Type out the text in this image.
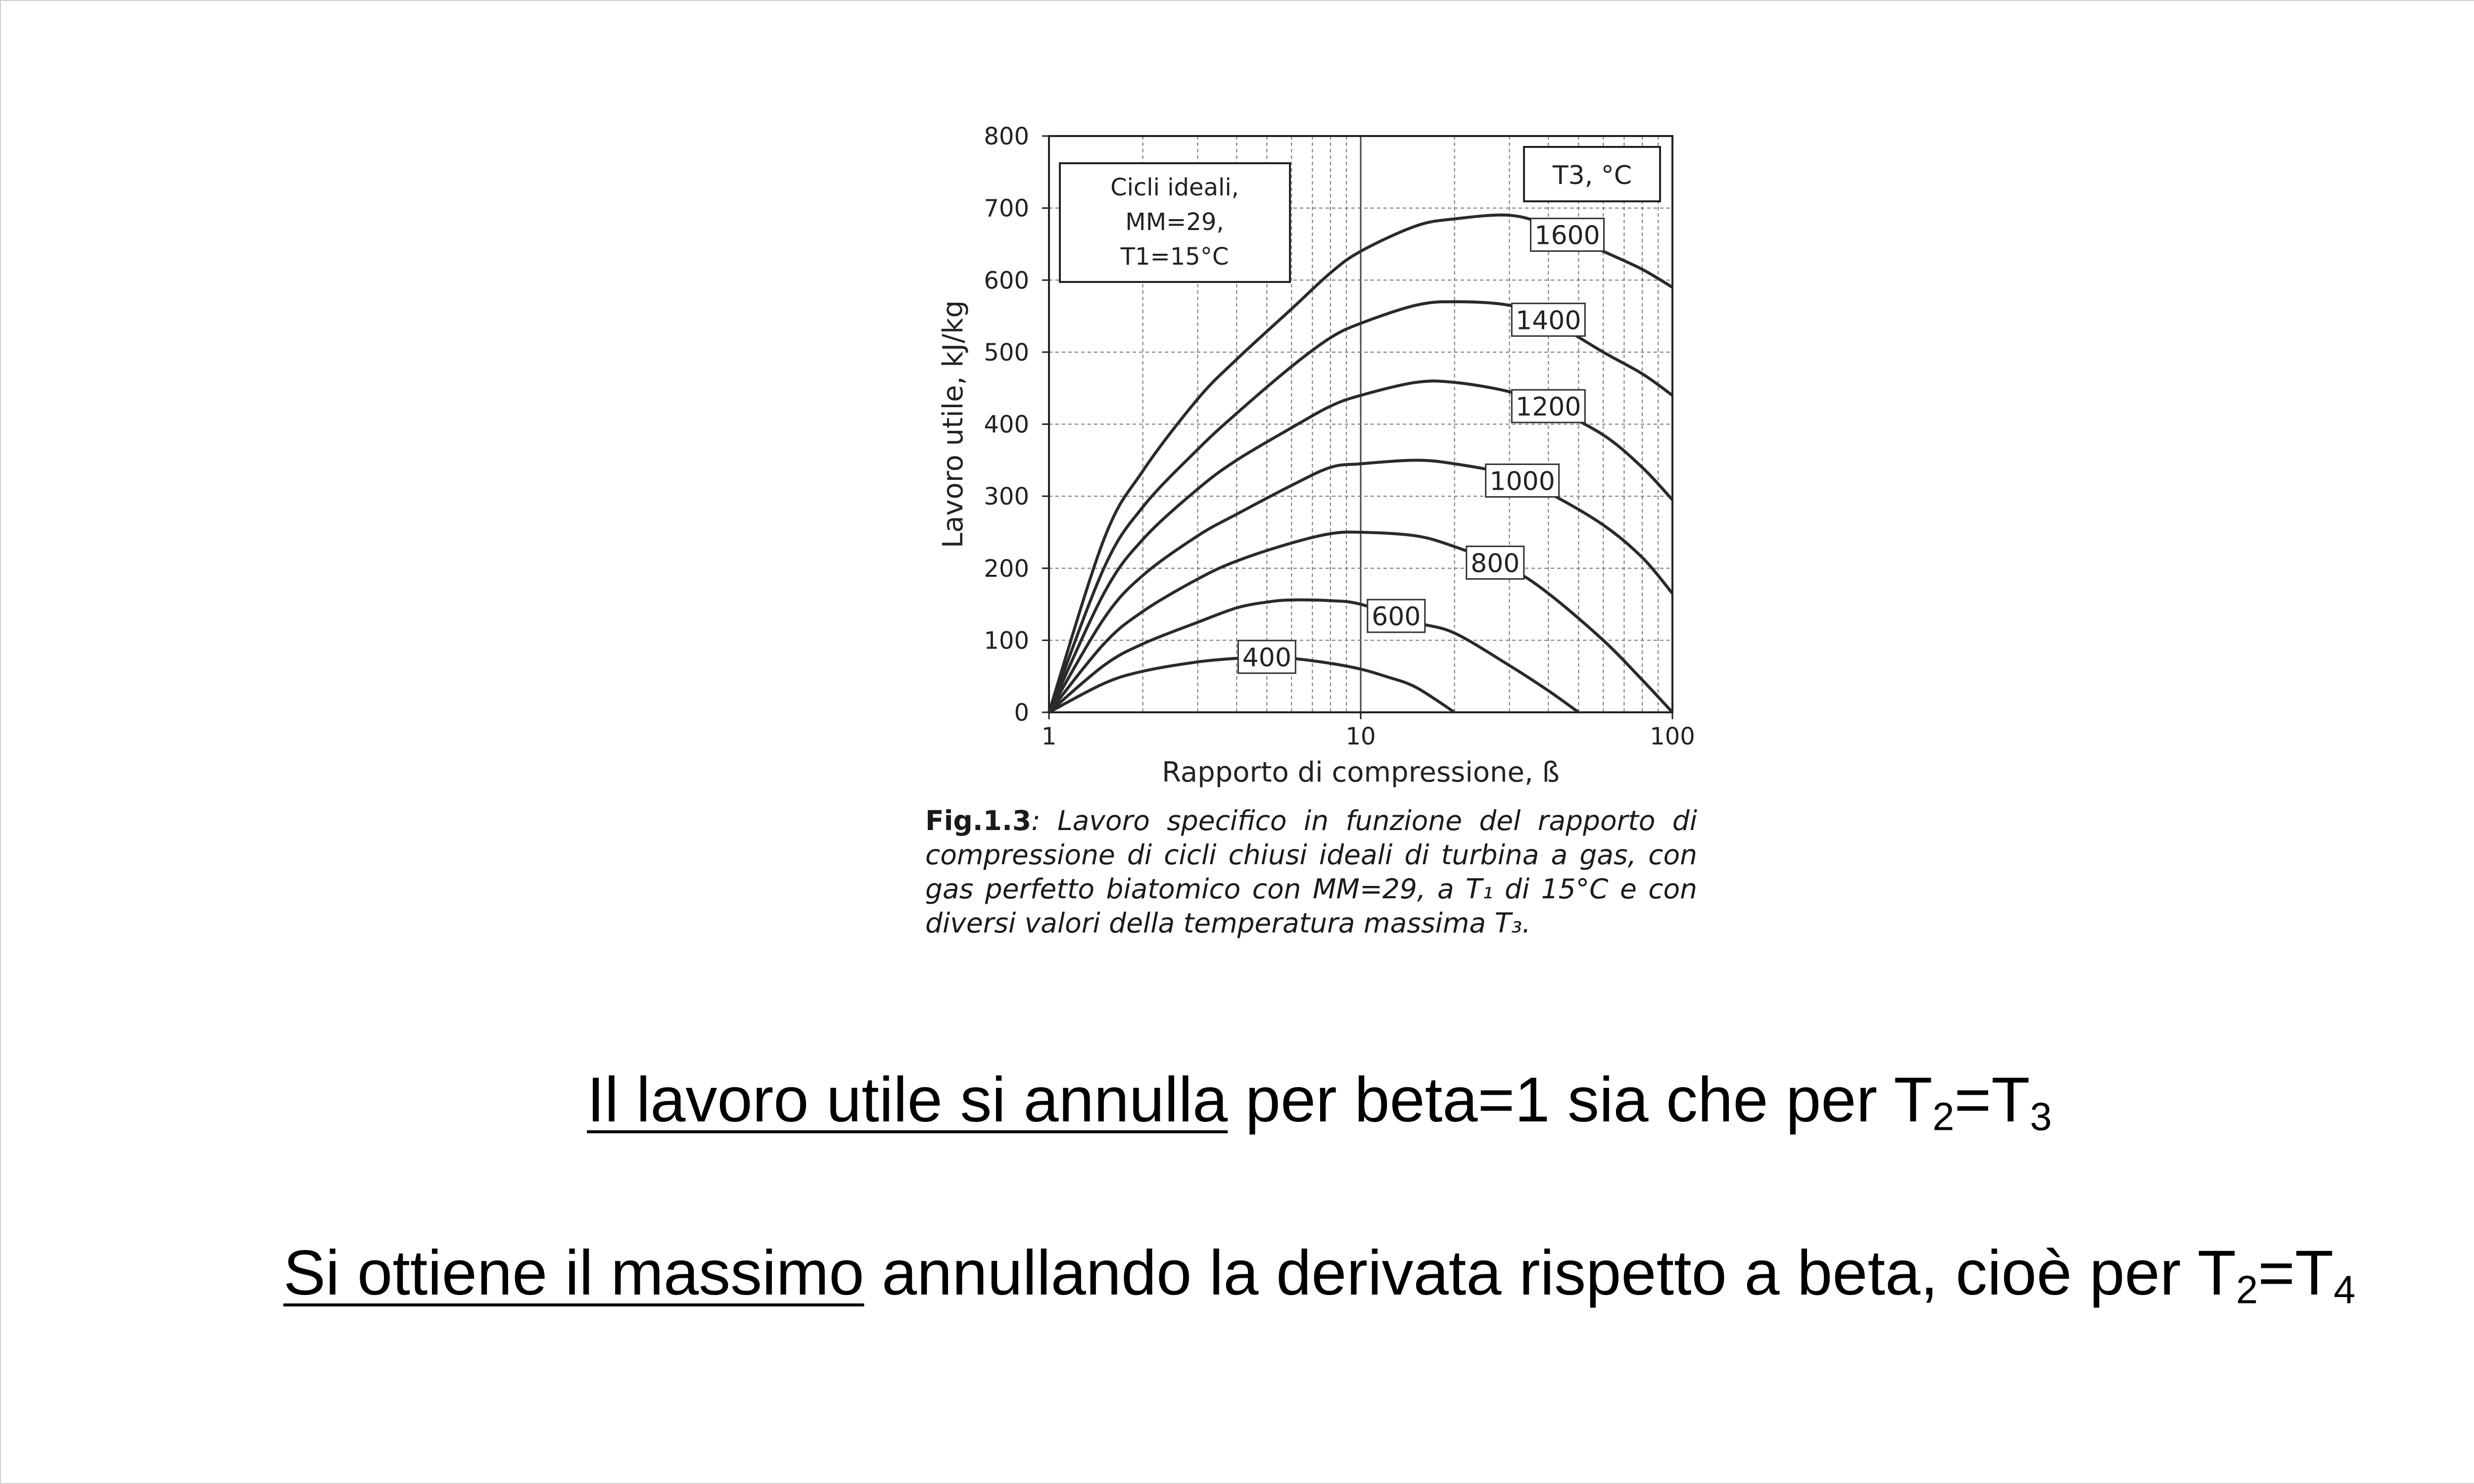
0
100
200
300
400
500
600
700
800
1	10	100
400
600
800
1000
1200
1400
1600
Cicli ideali,
MM=29,
T1=15°C
T3, °C
Rapporto di compressione, ß
Lavoro utile, kJ/kg
Fig.1.3: Lavoro specifico in funzione del rapporto di compressione di cicli chiusi ideali di turbina a gas, con gas perfetto biatomico con MM=29, a T₁ di 15°C e con diversi valori della temperatura massima T₃.
Il lavoro utile si annulla per beta=1 sia che per $T_2=T_3$
Si ottiene il massimo annullando la derivata rispetto a beta, cioè per $T_2=T_4$
